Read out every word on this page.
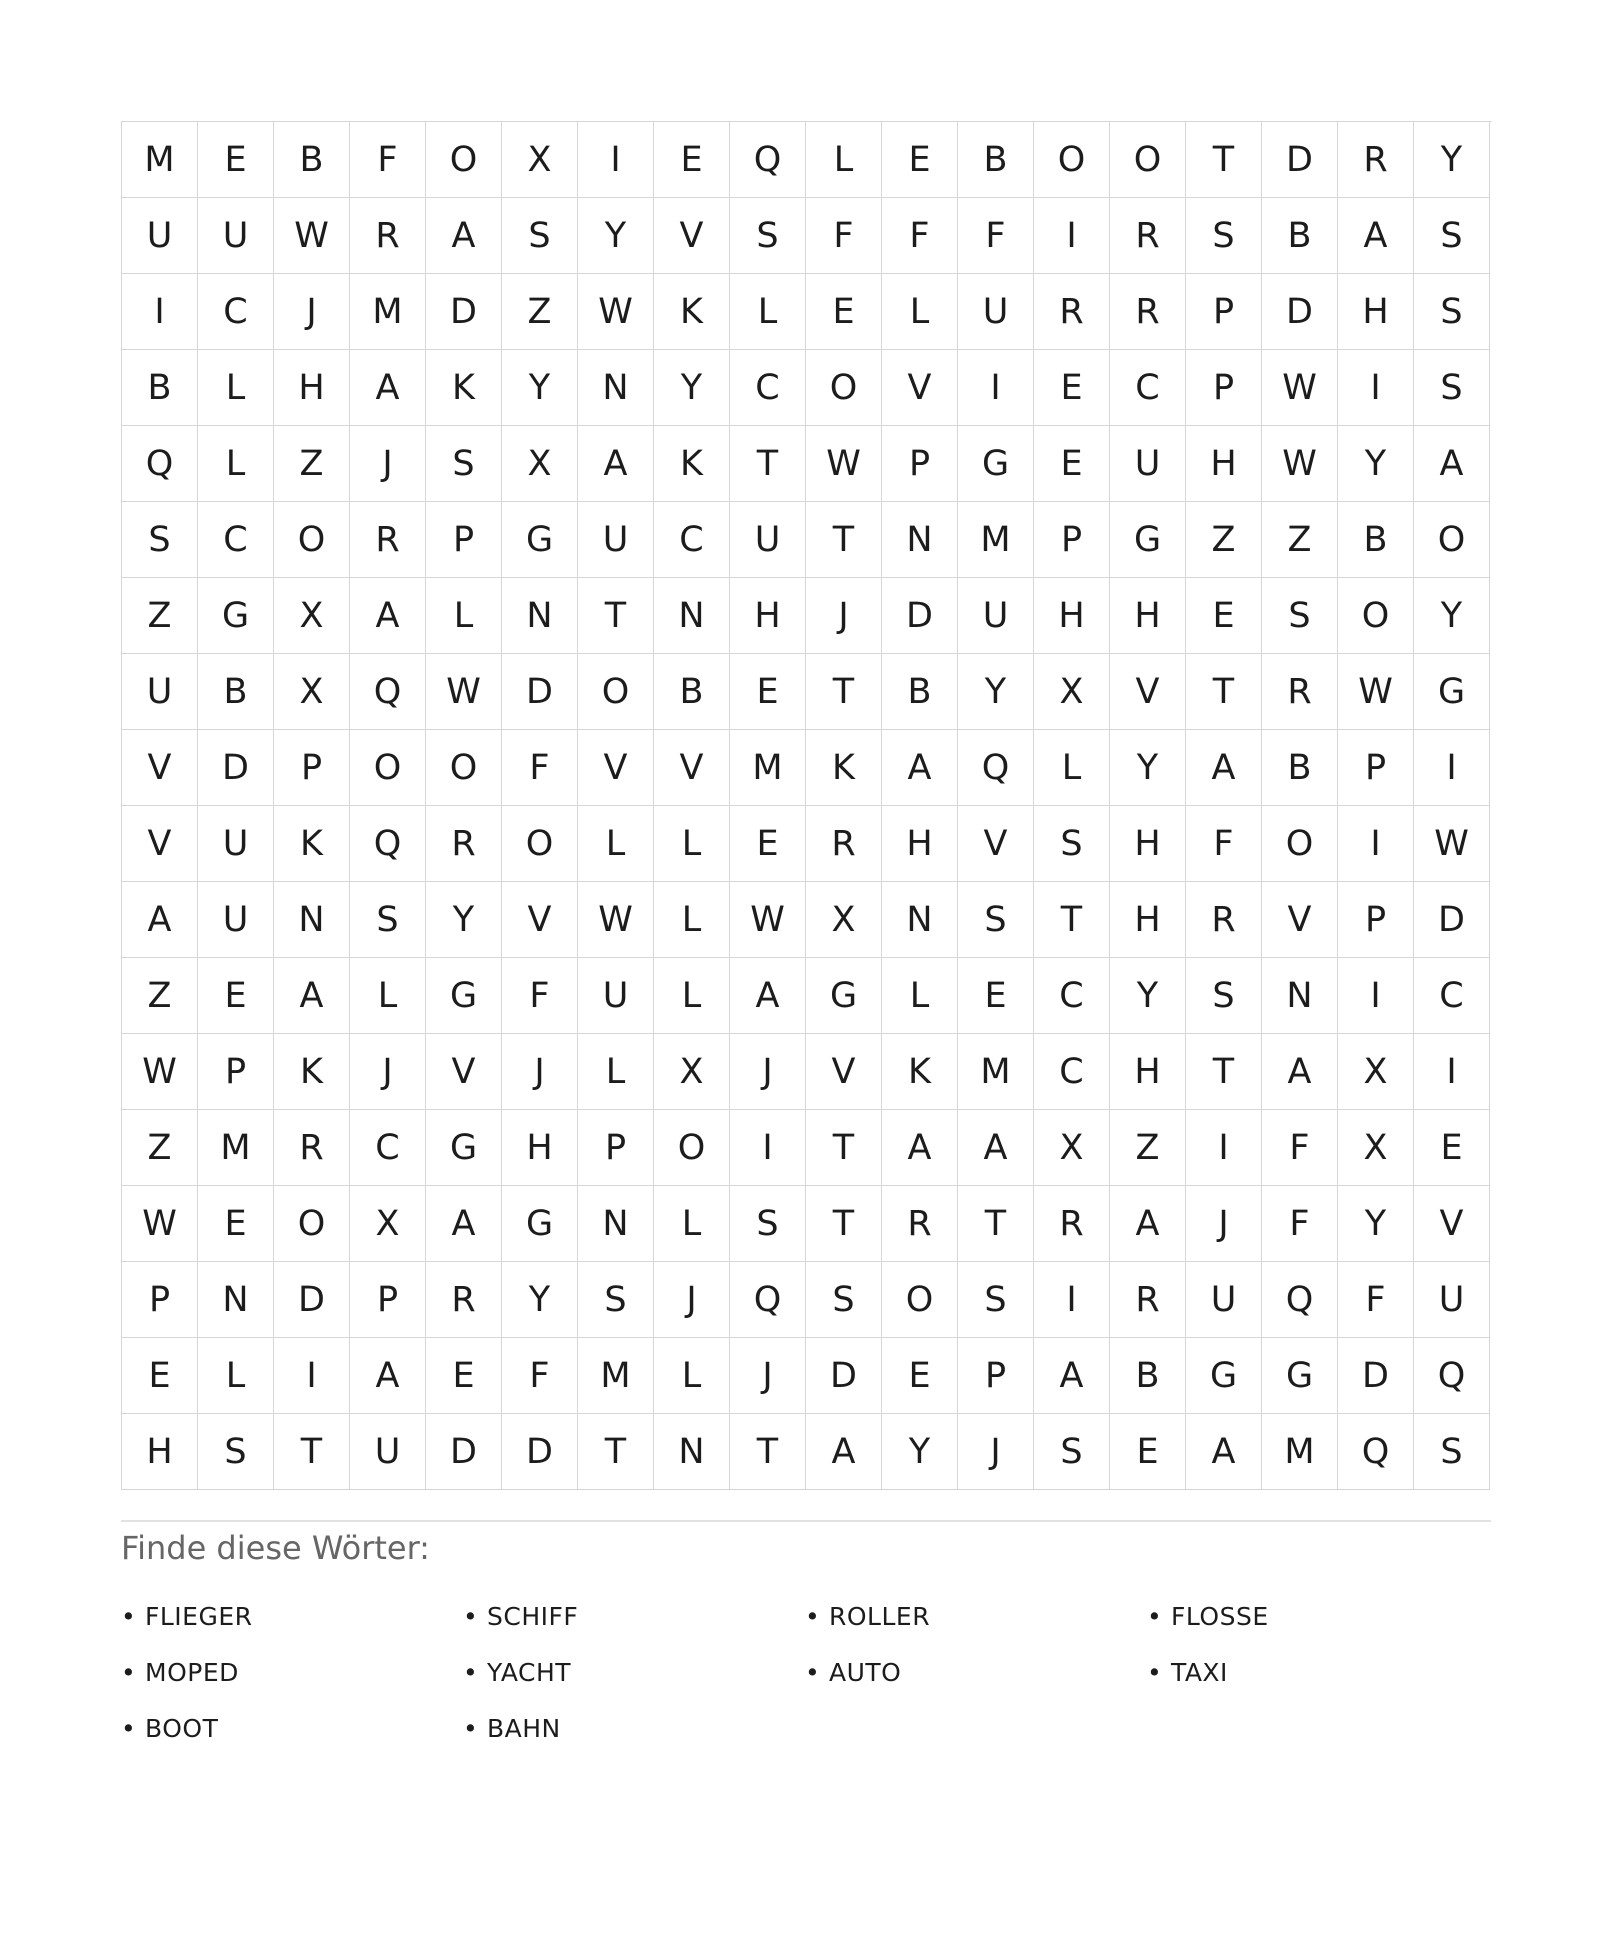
M	E	B	F	O	X	I	E	Q	L	E	B	O	O	T	D	R	Y
U	U	W	R	A	S	Y	V	S	F	F	F	I	R	S	B	A	S
I	C	J	M	D	Z	W	K	L	E	L	U	R	R	P	D	H	S
B	L	H	A	K	Y	N	Y	C	O	V	I	E	C	P	W	I	S
Q	L	Z	J	S	X	A	K	T	W	P	G	E	U	H	W	Y	A
S	C	O	R	P	G	U	C	U	T	N	M	P	G	Z	Z	B	O
Z	G	X	A	L	N	T	N	H	J	D	U	H	H	E	S	O	Y
U	B	X	Q	W	D	O	B	E	T	B	Y	X	V	T	R	W	G
V	D	P	O	O	F	V	V	M	K	A	Q	L	Y	A	B	P	I
V	U	K	Q	R	O	L	L	E	R	H	V	S	H	F	O	I	W
A	U	N	S	Y	V	W	L	W	X	N	S	T	H	R	V	P	D
Z	E	A	L	G	F	U	L	A	G	L	E	C	Y	S	N	I	C
W	P	K	J	V	J	L	X	J	V	K	M	C	H	T	A	X	I
Z	M	R	C	G	H	P	O	I	T	A	A	X	Z	I	F	X	E
W	E	O	X	A	G	N	L	S	T	R	T	R	A	J	F	Y	V
P	N	D	P	R	Y	S	J	Q	S	O	S	I	R	U	Q	F	U
E	L	I	A	E	F	M	L	J	D	E	P	A	B	G	G	D	Q
H	S	T	U	D	D	T	N	T	A	Y	J	S	E	A	M	Q	S
Finde diese Wörter:
• FLIEGER	• SCHIFF	• ROLLER	• FLOSSE
• MOPED	• YACHT	• AUTO	• TAXI
• BOOT	• BAHN
